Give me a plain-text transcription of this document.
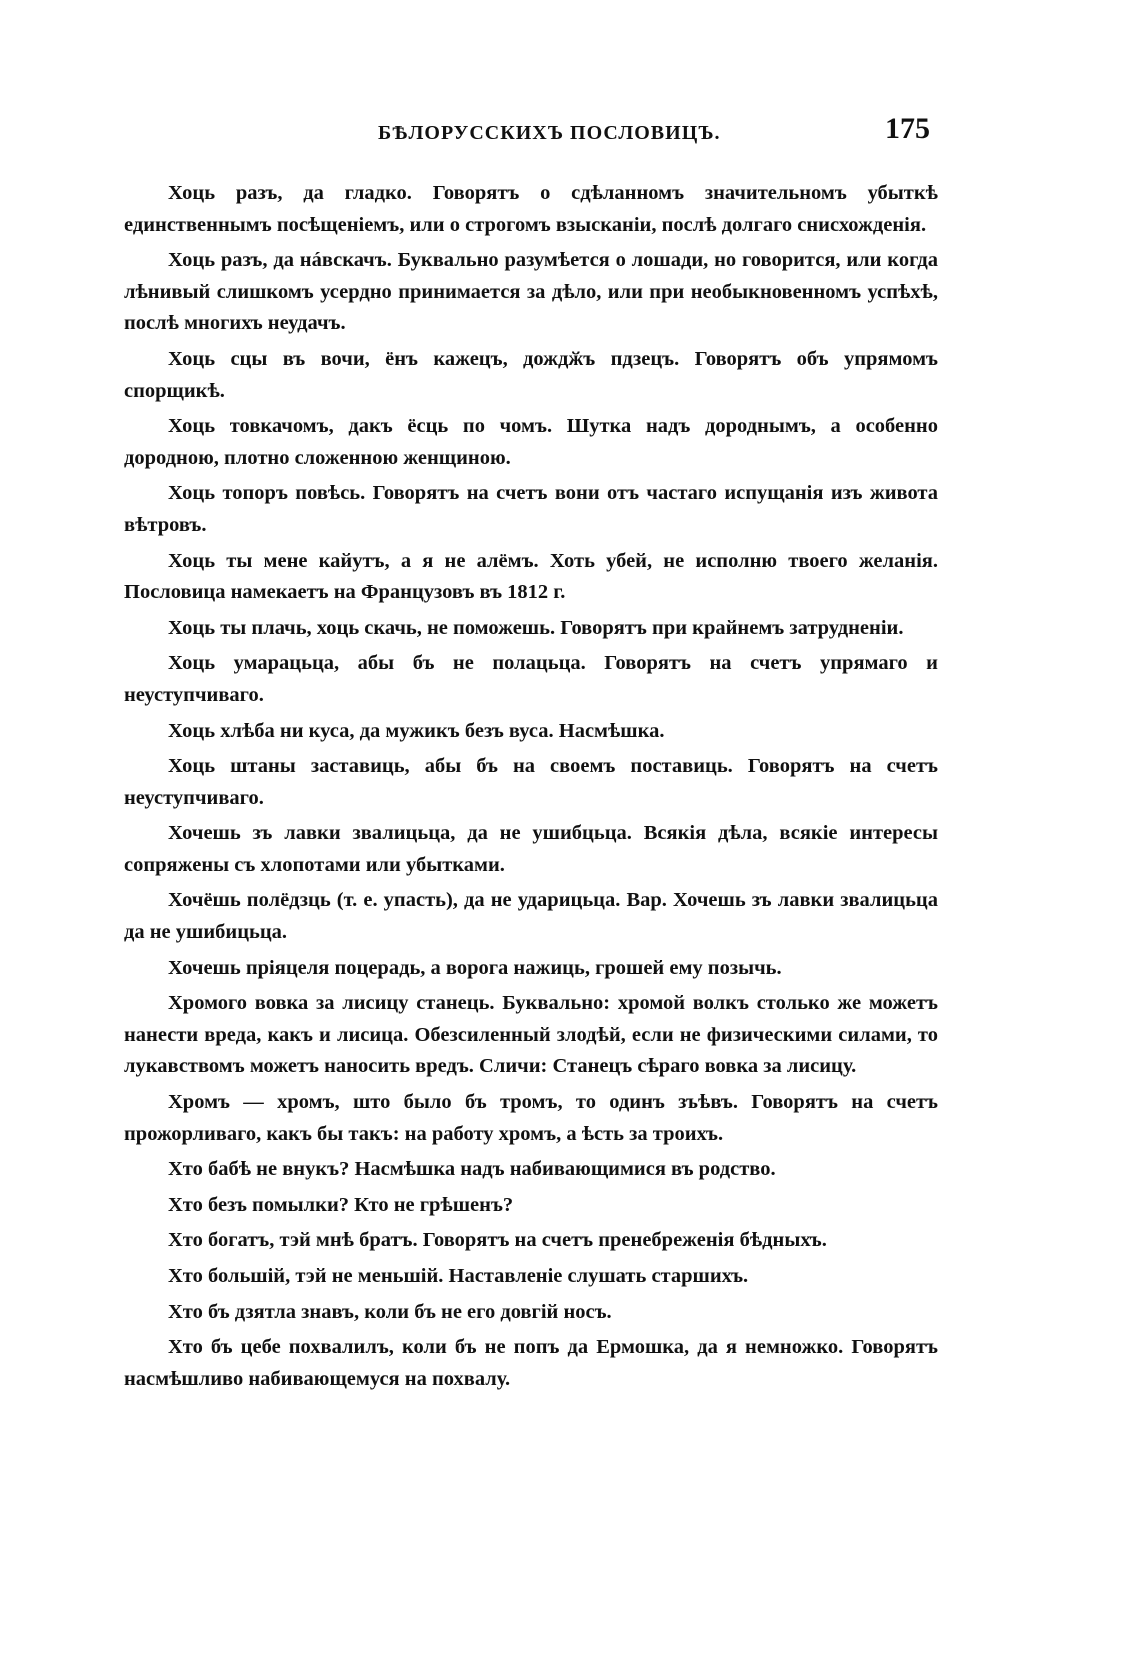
БѢЛОРУССКИХЪ ПОСЛОВИЦЪ.	175

Хоць разъ, да гладко. Говорятъ о сдѣланномъ значительномъ убыткѣ единственнымъ посѣщеніемъ, или о строгомъ взысканіи, послѣ долгаго снисхожденія.

Хоць разъ, да нáвскачъ. Буквально разумѣется о лошади, но говорится, или когда лѣнивый слишкомъ усердно принимается за дѣло, или при необыкновенномъ успѣхѣ, послѣ многихъ неудачъ.

Хоць сцы въ вочи, ёнъ кажецъ, дождӂъ пдзецъ. Говорятъ объ упрямомъ спорщикѣ.

Хоць товкачомъ, дакъ ёсць по чомъ. Шутка надъ дороднымъ, а особенно дородною, плотно сложенною женщиною.

Хоць топоръ повѣсь. Говорятъ на счетъ вони отъ частаго испущанія изъ живота вѣтровъ.

Хоць ты мене кайутъ, а я не алёмъ. Хоть убей, не исполню твоего желанія. Пословица намекаетъ на Французовъ въ 1812 г.

Хоць ты плачь, хоць скачь, не поможешь. Говорятъ при крайнемъ затрудненіи.

Хоць умарацьца, абы бъ не полацьца. Говорятъ на счетъ упрямаго и неуступчиваго.

Хоць хлѣба ни куса, да мужикъ безъ вуса. Насмѣшка.

Хоць штаны заставиць, абы бъ на своемъ поставиць. Говорятъ на счетъ неуступчиваго.

Хочешь зъ лавки звалицьца, да не ушибцьца. Всякія дѣла, всякіе интересы сопряжены съ хлопотами или убытками.

Хочёшь полёдзць (т. е. упасть), да не ударицьца. Вар. Хочешь зъ лавки звалицьца да не ушибицьца.

Хочешь пріяцеля поцерадь, а ворога нажиць, грошей ему позычь.

Хромого вовка за лисицу станець. Буквально: хромой волкъ столько же можетъ нанести вреда, какъ и лисица. Обезсиленный злодѣй, если не физическими силами, то лукавствомъ можетъ наносить вредъ. Сличи: Станецъ сѣраго вовка за лисицу.

Хромъ — хромъ, што было бъ тромъ, то одинъ зъѣвъ. Говорятъ на счетъ прожорливаго, какъ бы такъ: на работу хромъ, а ѣсть за троихъ.

Хто бабѣ не внукъ? Насмѣшка надъ набивающимися въ родство.

Хто безъ помылки? Кто не грѣшенъ?

Хто богатъ, тэй мнѣ братъ. Говорятъ на счетъ пренебреженія бѣдныхъ.

Хто большій, тэй не меньшій. Наставленіе слушать старшихъ.

Хто бъ дзятла знавъ, коли бъ не его довгій носъ.

Хто бъ цебе похвалилъ, коли бъ не попъ да Ермошка, да я немножко. Говорятъ насмѣшливо набивающемуся на похвалу.
